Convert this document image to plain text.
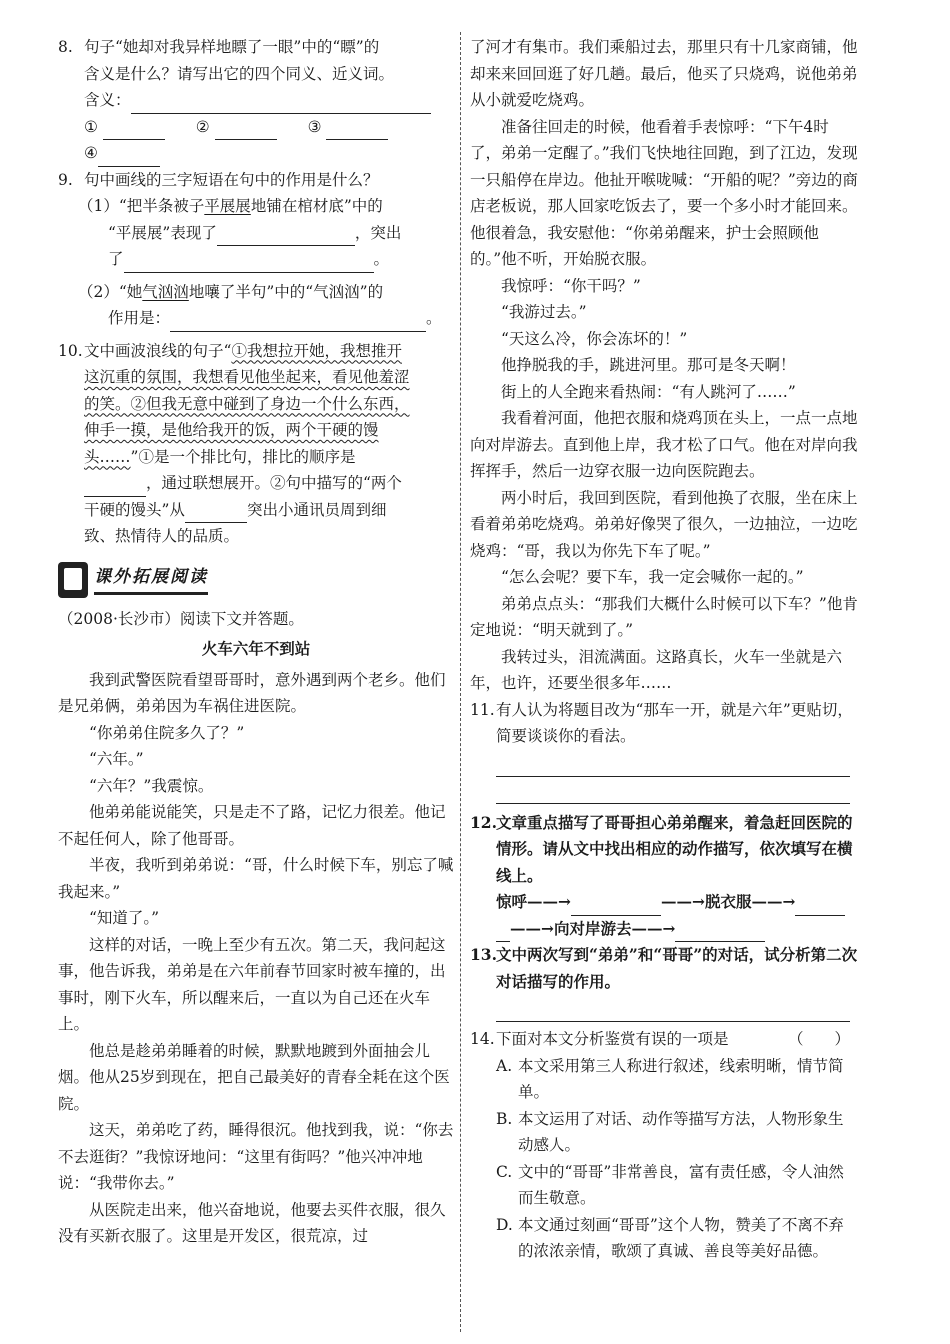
8. 句子“她却对我异样地瞟了一眼”中的“瞟”的

含义是什么？请写出它的四个同义、近义词。

含义：

①	②	③

④

9. 句中画线的三字短语在句中的作用是什么？

（1）“把半条被子平展展地铺在棺材底”中的

“平展展”表现了	，突出

了	。

（2）“她气汹汹地嚷了半句”中的“气汹汹”的

作用是：	。

10. 文中画波浪线的句子“①我想拉开她，我想推开

这沉重的氛围，我想看见他坐起来，看见他羞涩

的笑。②但我无意中碰到了身边一个什么东西，

伸手一摸，是他给我开的饭，两个干硬的馒

头……”①是一个排比句，排比的顺序是

，通过联想展开。②句中描写的“两个

干硬的馒头”从	突出小通讯员周到细

致、热情待人的品质。

课外拓展阅读

（2008·长沙市）阅读下文并答题。

火车六年不到站

我到武警医院看望哥哥时，意外遇到两个老乡。他们是兄弟俩，弟弟因为车祸住进医院。

“你弟弟住院多久了？”

“六年。”

“六年？”我震惊。

他弟弟能说能笑，只是走不了路，记忆力很差。他记不起任何人，除了他哥哥。

半夜，我听到弟弟说：“哥，什么时候下车，别忘了喊我起来。”

“知道了。”

这样的对话，一晚上至少有五次。第二天，我问起这事，他告诉我，弟弟是在六年前春节回家时被车撞的，出事时，刚下火车，所以醒来后，一直以为自己还在火车上。

他总是趁弟弟睡着的时候，默默地踱到外面抽会儿烟。他从25岁到现在，把自己最美好的青春全耗在这个医院。

这天，弟弟吃了药，睡得很沉。他找到我，说：“你去不去逛街？”我惊讶地问：“这里有街吗？”他兴冲冲地说：“我带你去。”

从医院走出来，他兴奋地说，他要去买件衣服，很久没有买新衣服了。这里是开发区，很荒凉，过

了河才有集市。我们乘船过去，那里只有十几家商铺，他却来来回回逛了好几趟。最后，他买了只烧鸡，说他弟弟从小就爱吃烧鸡。

准备往回走的时候，他看着手表惊呼：“下午4时了，弟弟一定醒了。”我们飞快地往回跑，到了江边，发现一只船停在岸边。他扯开喉咙喊：“开船的呢？”旁边的商店老板说，那人回家吃饭去了，要一个多小时才能回来。他很着急，我安慰他：“你弟弟醒来，护士会照顾他的。”他不听，开始脱衣服。

我惊呼：“你干吗？”

“我游过去。”

“天这么冷，你会冻坏的！”

他挣脱我的手，跳进河里。那可是冬天啊！

街上的人全跑来看热闹：“有人跳河了……”

我看着河面，他把衣服和烧鸡顶在头上，一点一点地向对岸游去。直到他上岸，我才松了口气。他在对岸向我挥挥手，然后一边穿衣服一边向医院跑去。

两小时后，我回到医院，看到他换了衣服，坐在床上看着弟弟吃烧鸡。弟弟好像哭了很久，一边抽泣，一边吃烧鸡：“哥，我以为你先下车了呢。”

“怎么会呢？要下车，我一定会喊你一起的。”

弟弟点点头：“那我们大概什么时候可以下车？”他肯定地说：“明天就到了。”

我转过头，泪流满面。这路真长，火车一坐就是六年，也许，还要坐很多年……

11. 有人认为将题目改为“那车一开，就是六年”更贴切，简要谈谈你的看法。
12. 文章重点描写了哥哥担心弟弟醒来，着急赶回医院的情形。请从文中找出相应的动作描写，依次填写在横线上。

惊呼——→	——→脱衣服——→

——→向对岸游去——→

13. 文中两次写到“弟弟”和“哥哥”的对话，试分析第二次对话描写的作用。
14. 下面对本文分析鉴赏有误的一项是	（　　）

A. 本文采用第三人称进行叙述，线索明晰，情节简单。
B. 本文运用了对话、动作等描写方法，人物形象生动感人。
C. 文中的“哥哥”非常善良，富有责任感，令人油然而生敬意。
D. 本文通过刻画“哥哥”这个人物，赞美了不离不弃的浓浓亲情，歌颂了真诚、善良等美好品德。
